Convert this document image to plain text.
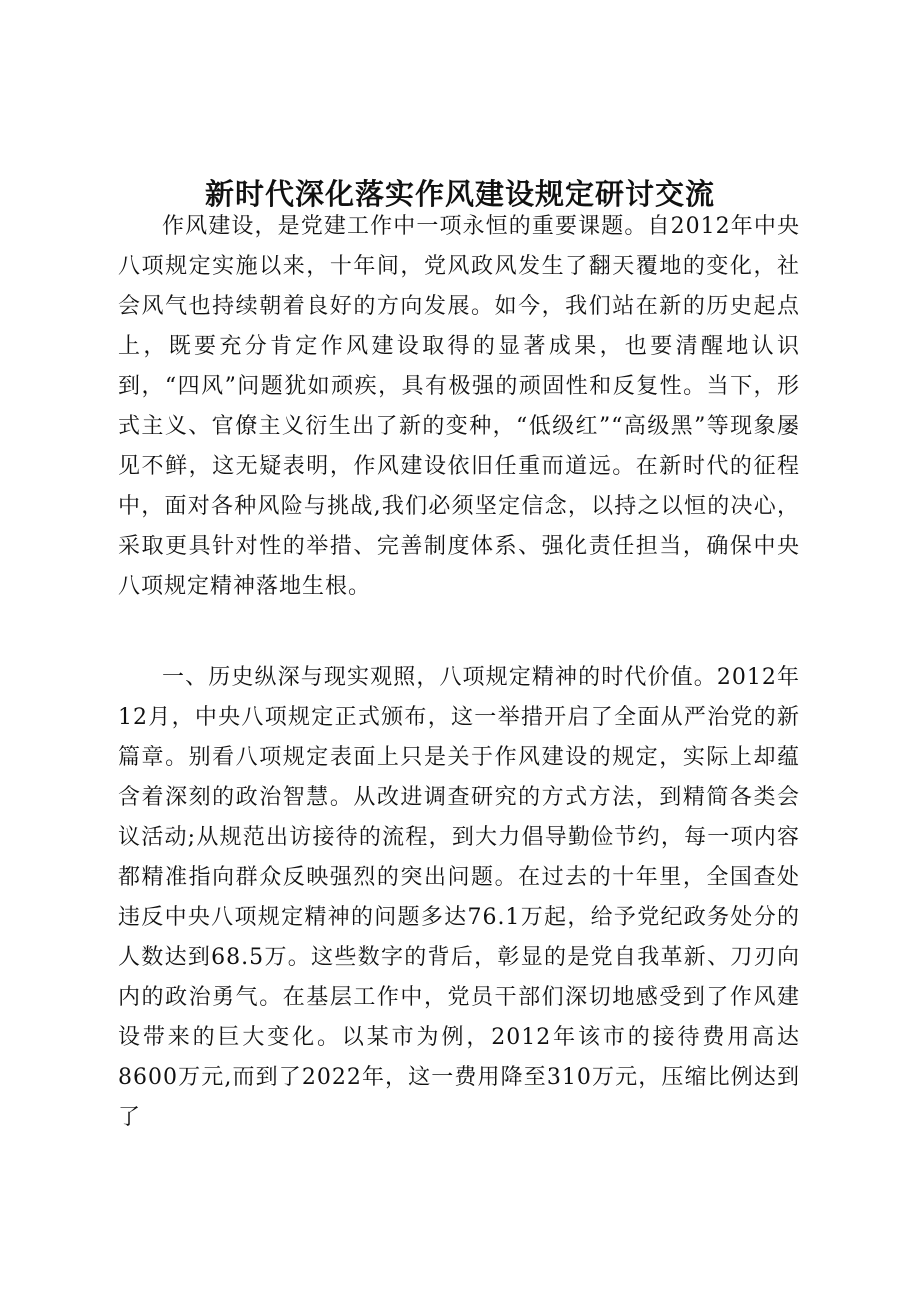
新时代深化落实作风建设规定研讨交流

作风建设，是党建工作中一项永恒的重要课题。自2012年中央八项规定实施以来，十年间，党风政风发生了翻天覆地的变化，社会风气也持续朝着良好的方向发展。如今，我们站在新的历史起点上，既要充分肯定作风建设取得的显著成果，也要清醒地认识到，“四风”问题犹如顽疾，具有极强的顽固性和反复性。当下，形式主义、官僚主义衍生出了新的变种，“低级红”“高级黑”等现象屡见不鲜，这无疑表明，作风建设依旧任重而道远。在新时代的征程中，面对各种风险与挑战,我们必须坚定信念，以持之以恒的决心，采取更具针对性的举措、完善制度体系、强化责任担当，确保中央八项规定精神落地生根。

一、历史纵深与现实观照，八项规定精神的时代价值。2012年12月，中央八项规定正式颁布，这一举措开启了全面从严治党的新篇章。别看八项规定表面上只是关于作风建设的规定，实际上却蕴含着深刻的政治智慧。从改进调查研究的方式方法，到精简各类会议活动;从规范出访接待的流程，到大力倡导勤俭节约，每一项内容都精准指向群众反映强烈的突出问题。在过去的十年里，全国查处违反中央八项规定精神的问题多达76.1万起，给予党纪政务处分的人数达到68.5万。这些数字的背后，彰显的是党自我革新、刀刃向内的政治勇气。在基层工作中，党员干部们深切地感受到了作风建设带来的巨大变化。以某市为例，2012年该市的接待费用高达8600万元,而到了2022年，这一费用降至310万元，压缩比例达到了
